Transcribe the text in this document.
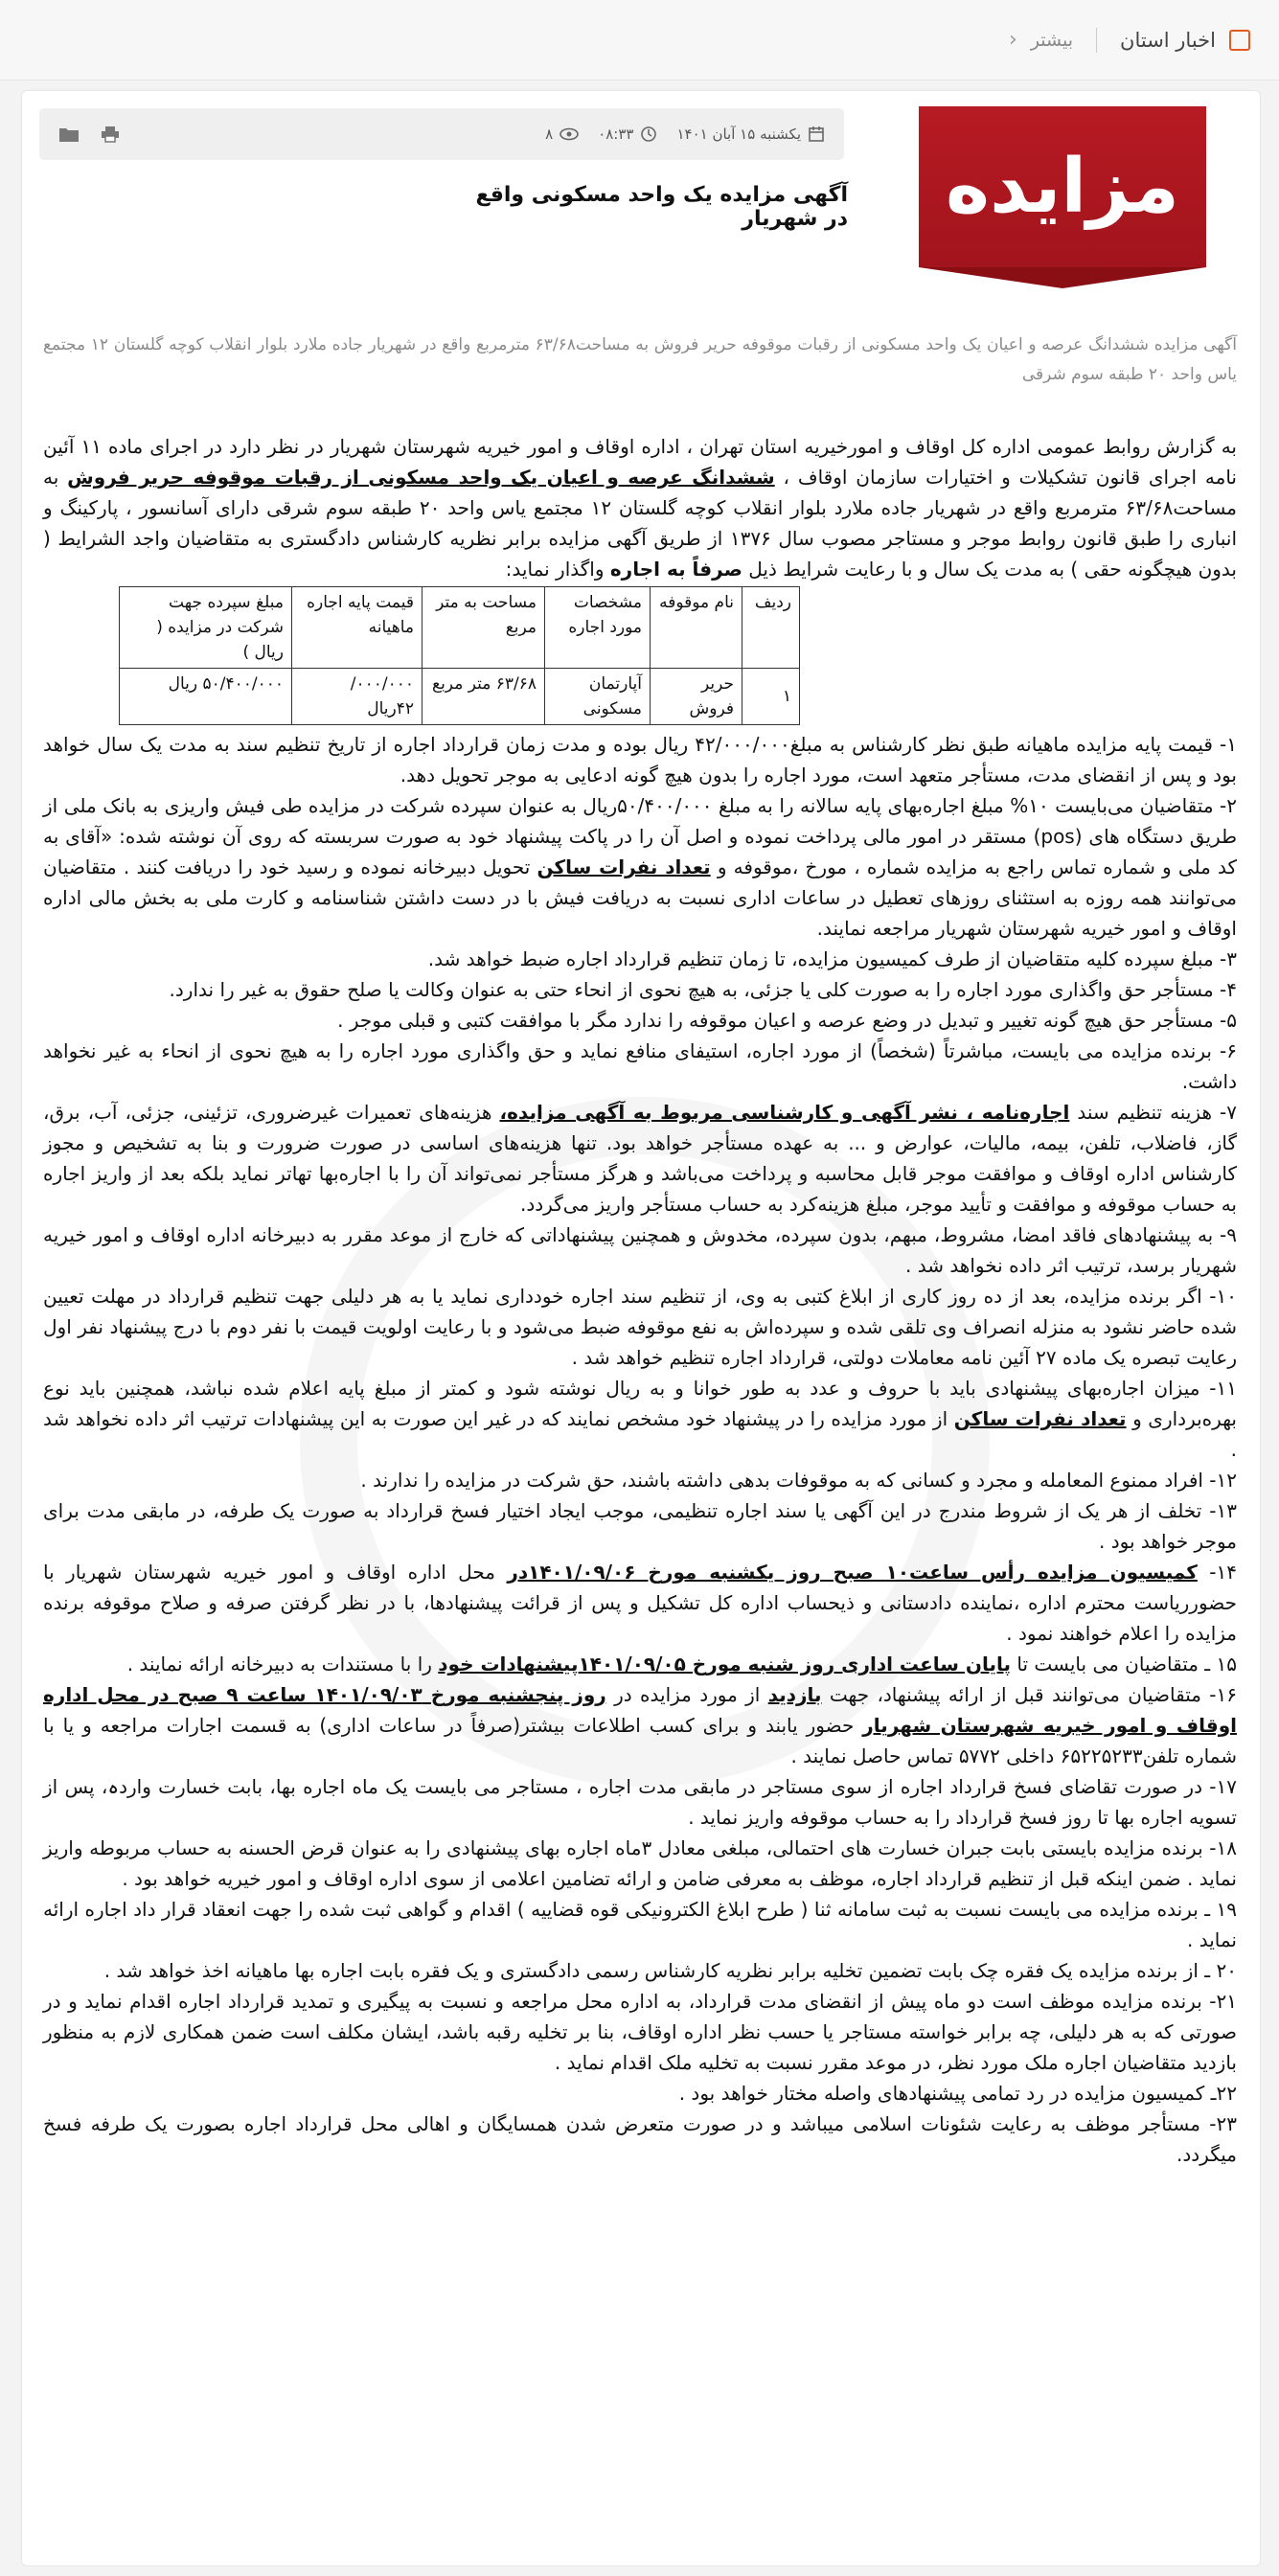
اخبار استان
بیشتر
‹
مزایده
یکشنبه ۱۵ آبان ۱۴۰۱
۰۸:۳۳
۸
آگهی مزایده یک واحد مسکونی واقع در شهریار

آگهی مزایده ششدانگ عرصه و اعیان یک واحد مسکونی از رقبات موقوفه حریر فروش به مساحت۶۳/۶۸ مترمربع واقع در شهریار جاده ملارد بلوار انقلاب کوچه گلستان ۱۲ مجتمع یاس واحد ۲۰ طبقه سوم شرقی

به گزارش روابط عمومی اداره کل اوقاف و امورخیریه استان تهران ، اداره اوقاف و امور خیریه شهرستان شهریار در نظر دارد در اجرای ماده ۱۱ آئین نامه اجرای قانون تشکیلات و اختیارات سازمان اوقاف ، ششدانگ عرصه و اعیان یک واحد مسکونی از رقبات موقوفه حریر فروش به مساحت۶۳/۶۸ مترمربع واقع در شهریار جاده ملارد بلوار انقلاب کوچه گلستان ۱۲ مجتمع یاس واحد ۲۰ طبقه سوم شرقی دارای آسانسور ، پارکینگ و انباری را طبق قانون روابط موجر و مستاجر مصوب سال ۱۳۷۶ از طریق آگهی مزایده برابر نظریه کارشناس دادگستری به متقاضیان واجد الشرایط ( بدون هیچگونه حقی ) به مدت یک سال و با رعایت شرایط ذیل صرفاً به اجاره واگذار نماید:

ردیف	نام موقوفه	مشخصات مورد اجاره	مساحت به متر مربع	قیمت پایه اجاره ماهیانه	مبلغ سپرده جهت شرکت در مزایده ( ریال )
۱	حریر فروش	آپارتمان مسکونی	۶۳/۶۸ متر مربع	۰۰۰/۰۰۰/ ۴۲ریال	۵۰/۴۰۰/۰۰۰ ریال

۱- قیمت پایه مزایده ماهیانه طبق نظر کارشناس به مبلغ۴۲/۰۰۰/۰۰۰ ریال بوده و مدت زمان قرارداد اجاره از تاریخ تنظیم سند به مدت یک سال خواهد بود و پس از انقضای مدت، مستأجر متعهد است، مورد اجاره را بدون هیچ گونه ادعایی به موجر تحویل دهد.

۲- متقاضیان می‌بایست ۱۰% مبلغ اجاره‌بهای پایه سالانه را به مبلغ ۵۰/۴۰۰/۰۰۰ریال به عنوان سپرده شرکت در مزایده طی فیش واریزی به بانک ملی از طریق دستگاه های (pos) مستقر در امور مالی پرداخت نموده و اصل آن را در پاکت پیشنهاد خود به صورت سربسته که روی آن نوشته شده: «آقای به کد ملی و شماره تماس راجع به مزایده شماره ، مورخ ،موقوفه و تعداد نفرات ساکن تحویل دبیرخانه نموده و رسید خود را دریافت کنند . متقاضیان می‌توانند همه روزه به استثنای روزهای تعطیل در ساعات اداری نسبت به دریافت فیش با در دست داشتن شناسنامه و کارت ملی به بخش مالی اداره اوقاف و امور خیریه شهرستان شهریار مراجعه نمایند.

۳- مبلغ سپرده کلیه متقاضیان از طرف کمیسیون مزایده، تا زمان تنظیم قرارداد اجاره ضبط خواهد شد.

۴- مستأجر حق واگذاری مورد اجاره را به صورت کلی یا جزئی، به هیچ نحوی از انحاء حتی به عنوان وکالت یا صلح حقوق به غیر را ندارد.

۵- مستأجر حق هیچ گونه تغییر و تبدیل در وضع عرصه و اعیان موقوفه را ندارد مگر با موافقت کتبی و قبلی موجر .

۶- برنده مزایده می بایست، مباشرتاً (شخصاً) از مورد اجاره، استیفای منافع نماید و حق واگذاری مورد اجاره را به هیچ نحوی از انحاء به غیر نخواهد داشت.

۷- هزینه تنظیم سند اجاره‌نامه ، نشر آگهی و کارشناسی مربوط به آگهی مزایده، هزینه‌های تعمیرات غیرضروری، تزئینی، جزئی، آب، برق، گاز، فاضلاب، تلفن، بیمه، مالیات، عوارض و ... به عهده مستأجر خواهد بود. تنها هزینه‌های اساسی در صورت ضرورت و بنا به تشخیص و مجوز کارشناس اداره اوقاف و موافقت موجر قابل محاسبه و پرداخت می‌باشد و هرگز مستأجر نمی‌تواند آن را با اجاره‌بها تهاتر نماید بلکه بعد از واریز اجاره به حساب موقوفه و موافقت و تأیید موجر، مبلغ هزینه‌کرد به حساب مستأجر واریز می‌گردد.

۹- به پیشنهادهای فاقد امضا، مشروط، مبهم، بدون سپرده، مخدوش و همچنین پیشنهاداتی که خارج از موعد مقرر به دبیرخانه اداره اوقاف و امور خیریه شهریار برسد، ترتیب اثر داده نخواهد شد .

۱۰- اگر برنده مزایده، بعد از ده روز کاری از ابلاغ کتبی به وی، از تنظیم سند اجاره خودداری نماید یا به هر دلیلی جهت تنظیم قرارداد در مهلت تعیین شده حاضر نشود به منزله انصراف وی تلقی شده و سپرده‌اش به نفع موقوفه ضبط می‌شود و با رعایت اولویت قیمت با نفر دوم با درج پیشنهاد نفر اول رعایت تبصره یک ماده ۲۷ آئین نامه معاملات دولتی، قرارداد اجاره تنظیم خواهد شد .

۱۱- میزان اجاره‌بهای پیشنهادی باید با حروف و عدد به طور خوانا و به ریال نوشته شود و کمتر از مبلغ پایه اعلام شده نباشد، همچنین باید نوع بهره‌برداری و تعداد نفرات ساکن از مورد مزایده را در پیشنهاد خود مشخص نمایند که در غیر این صورت به این پیشنهادات ترتیب اثر داده نخواهد شد .

۱۲- افراد ممنوع المعامله و مجرد و کسانی که به موقوفات بدهی داشته باشند، حق شرکت در مزایده را ندارند .

۱۳- تخلف از هر یک از شروط مندرج در این آگهی یا سند اجاره تنظیمی، موجب ایجاد اختیار فسخ قرارداد به صورت یک طرفه، در مابقی مدت برای موجر خواهد بود .

۱۴- کمیسیون مزایده رأس ساعت۱۰ صبح روز یکشنبه مورخ ۱۴۰۱/۰۹/۰۶در محل اداره اوقاف و امور خیریه شهرستان شهریار با حضورریاست محترم اداره ،نماینده دادستانی و ذیحساب اداره کل تشکیل و پس از قرائت پیشنهادها، با در نظر گرفتن صرفه و صلاح موقوفه برنده مزایده را اعلام خواهند نمود .

۱۵ ـ متقاضیان می بایست تا پایان ساعت اداری روز شنبه مورخ ۱۴۰۱/۰۹/۰۵پیشنهادات خود را با مستندات به دبیرخانه ارائه نمایند .

۱۶- متقاضیان می‌توانند قبل از ارائه پیشنهاد، جهت بازدید از مورد مزایده در روز پنجشنبه مورخ ۱۴۰۱/۰۹/۰۳ ساعت ۹ صبح در محل اداره اوقاف و امور خیریه شهرستان شهریار حضور یابند و برای کسب اطلاعات بیشتر(صرفاً در ساعات اداری) به قسمت اجارات مراجعه و یا با شماره تلفن۶۵۲۲۵۲۳۳ داخلی ۵۷۷۲ تماس حاصل نمایند .

۱۷- در صورت تقاضای فسخ قرارداد اجاره از سوی مستاجر در مابقی مدت اجاره ، مستاجر می بایست یک ماه اجاره بها، بابت خسارت واردہ، پس از تسویه اجاره بها تا روز فسخ قرارداد را به حساب موقوفه واریز نماید .

۱۸- برنده مزایده بایستی بابت جبران خسارت های احتمالی، مبلغی معادل ۳ماه اجاره بهای پیشنهادی را به عنوان قرض الحسنه به حساب مربوطه واریز نماید . ضمن اینکه قبل از تنظیم قرارداد اجاره، موظف به معرفی ضامن و ارائه تضامین اعلامی از سوی اداره اوقاف و امور خیریه خواهد بود .

۱۹ ـ برنده مزایده می بایست نسبت به ثبت سامانه ثنا ( طرح ابلاغ الکترونیکی قوه قضاییه ) اقدام و گواهی ثبت شده را جهت انعقاد قرار داد اجاره ارائه نماید .

۲۰ ـ از برنده مزایده یک فقره چک بابت تضمین تخلیه برابر نظریه کارشناس رسمی دادگستری و یک فقره بابت اجاره بها ماهیانه اخذ خواهد شد .

۲۱- برنده مزایده موظف است دو ماه پیش از انقضای مدت قرارداد، به اداره محل مراجعه و نسبت به پیگیری و تمدید قرارداد اجاره اقدام نماید و در صورتی که به هر دلیلی، چه برابر خواسته مستاجر یا حسب نظر اداره اوقاف، بنا بر تخلیه رقبه باشد، ایشان مکلف است ضمن همکاری لازم به منظور بازدید متقاضیان اجاره ملک مورد نظر، در موعد مقرر نسبت به تخلیه ملک اقدام نماید .

۲۲ـ کمیسیون مزایده در رد تمامی پیشنهادهای واصله مختار خواهد بود .

۲۳- مستأجر موظف به رعایت شئونات اسلامی میباشد و در صورت متعرض شدن همسایگان و اهالی محل قرارداد اجاره بصورت یک طرفه فسخ میگردد.
